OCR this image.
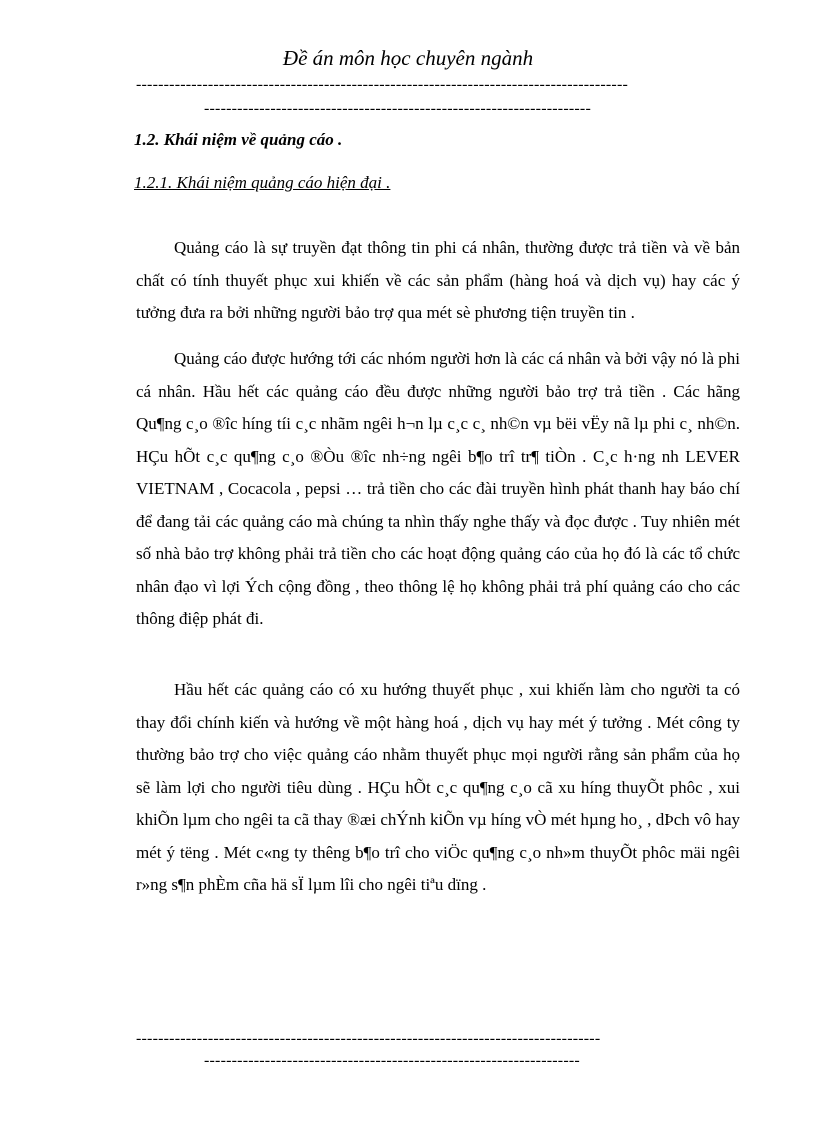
Đề án môn học chuyên ngành
-----------------------------------------------------------------------------------------
----------------------------------------------------------------------
1.2. Khái niệm về quảng cáo .
1.2.1. Khái niệm quảng cáo hiện đại .

Quảng cáo là sự truyền đạt thông tin phi cá nhân, thường được trả tiền và về bản chất có tính thuyết phục xui khiến về các sản phẩm (hàng hoá và dịch vụ) hay các ý tưởng đưa ra bởi những người bảo trợ qua mét sè phương tiện truyền tin .

Quảng cáo được hướng tới các nhóm người hơn là các cá nhân và bởi vậy nó là phi cá nhân. Hầu hết các quảng cáo đều được những người bảo trợ trả tiền . Các hãng Qu¶ng c¸o ®îc híng tíi c¸c nhãm ngêi h¬n lµ c¸c c¸ nh©n vµ bëi vËy nã lµ phi c¸ nh©n. HÇu hÕt c¸c qu¶ng c¸o ®Òu ®îc nh÷ng ngêi b¶o trî tr¶ tiÒn . C¸c h·ng nh LEVER VIETNAM , Cocacola , pepsi … trả tiền cho các đài truyền hình phát thanh hay báo chí để đang tải các quảng cáo mà chúng ta nhìn thấy nghe thấy và đọc được . Tuy nhiên mét số nhà bảo trợ không phải trả tiền cho các hoạt động quảng cáo của họ đó là các tổ chức nhân đạo vì lợi Ých cộng đồng , theo thông lệ họ không phải trả phí quảng cáo cho các thông điệp phát đi.

Hầu hết các quảng cáo có xu hướng thuyết phục , xui khiến làm cho người ta có thay đổi chính kiến và hướng về một hàng hoá , dịch vụ hay mét ý tưởng . Mét công ty thường bảo trợ cho việc quảng cáo nhằm thuyết phục mọi người rằng sản phẩm của họ sẽ làm lợi cho người tiêu dùng . HÇu hÕt c¸c qu¶ng c¸o cã xu híng thuyÕt phôc , xui khiÕn lµm cho ngêi ta cã thay ®æi chÝnh kiÕn vµ híng vÒ mét hµng ho¸ , dÞch vô hay mét ý tëng . Mét c«ng ty thêng b¶o trî cho viÖc qu¶ng c¸o nh»m thuyÕt phôc mäi ngêi r»ng s¶n phÈm cña hä sÏ lµm lîi cho ngêi tiªu dïng .

------------------------------------------------------------------------------------
--------------------------------------------------------------------
